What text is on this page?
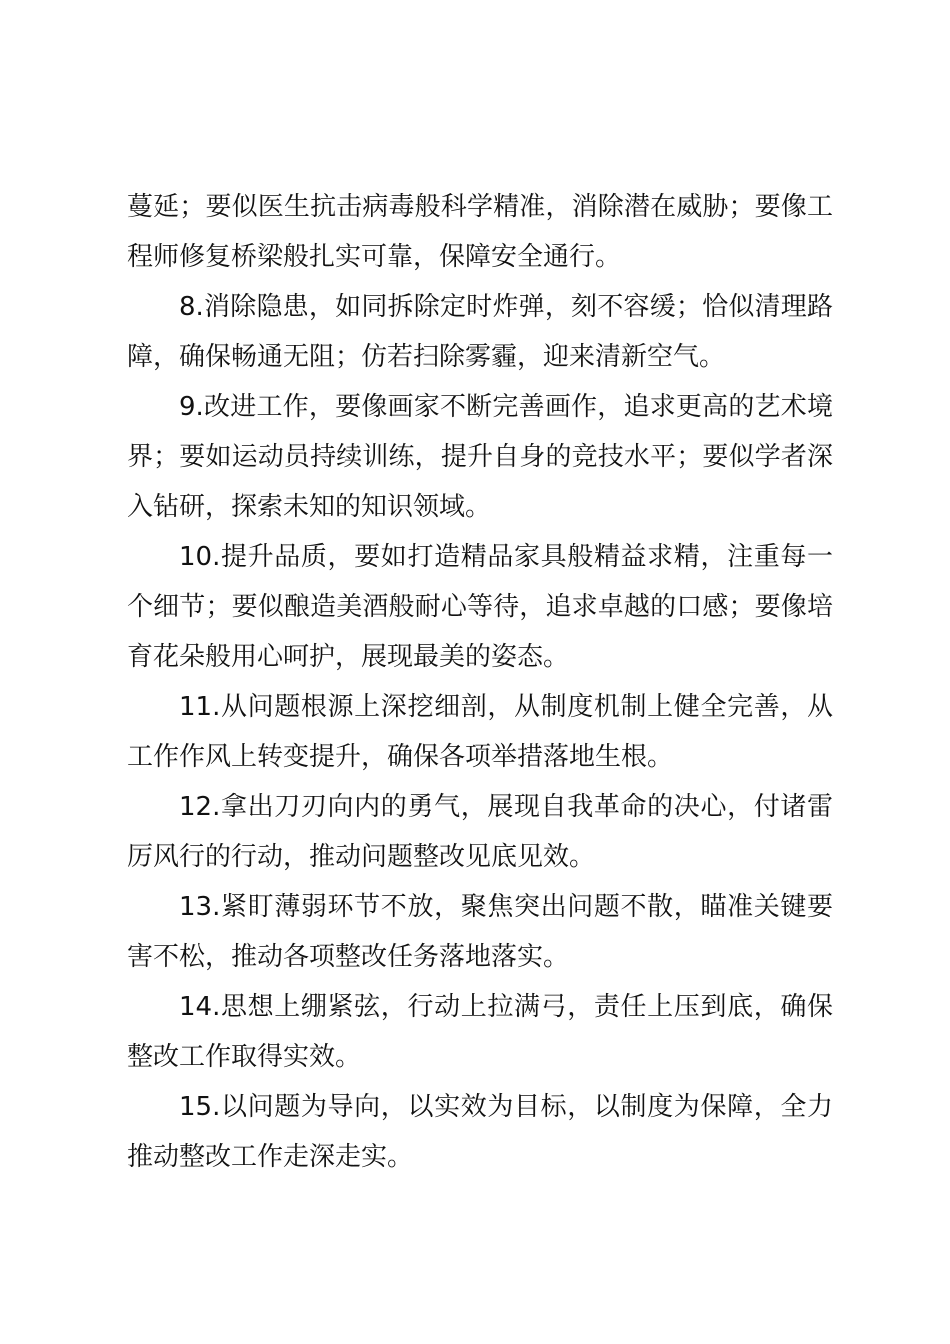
蔓延；要似医生抗击病毒般科学精准，消除潜在威胁；要像工程师修复桥梁般扎实可靠，保障安全通行。

8.消除隐患，如同拆除定时炸弹，刻不容缓；恰似清理路障，确保畅通无阻；仿若扫除雾霾，迎来清新空气。

9.改进工作，要像画家不断完善画作，追求更高的艺术境界；要如运动员持续训练，提升自身的竞技水平；要似学者深入钻研，探索未知的知识领域。

10.提升品质，要如打造精品家具般精益求精，注重每一个细节；要似酿造美酒般耐心等待，追求卓越的口感；要像培育花朵般用心呵护，展现最美的姿态。

11.从问题根源上深挖细剖，从制度机制上健全完善，从工作作风上转变提升，确保各项举措落地生根。

12.拿出刀刃向内的勇气，展现自我革命的决心，付诸雷厉风行的行动，推动问题整改见底见效。

13.紧盯薄弱环节不放，聚焦突出问题不散，瞄准关键要害不松，推动各项整改任务落地落实。

14.思想上绷紧弦，行动上拉满弓，责任上压到底，确保整改工作取得实效。

15.以问题为导向，以实效为目标，以制度为保障，全力推动整改工作走深走实。
